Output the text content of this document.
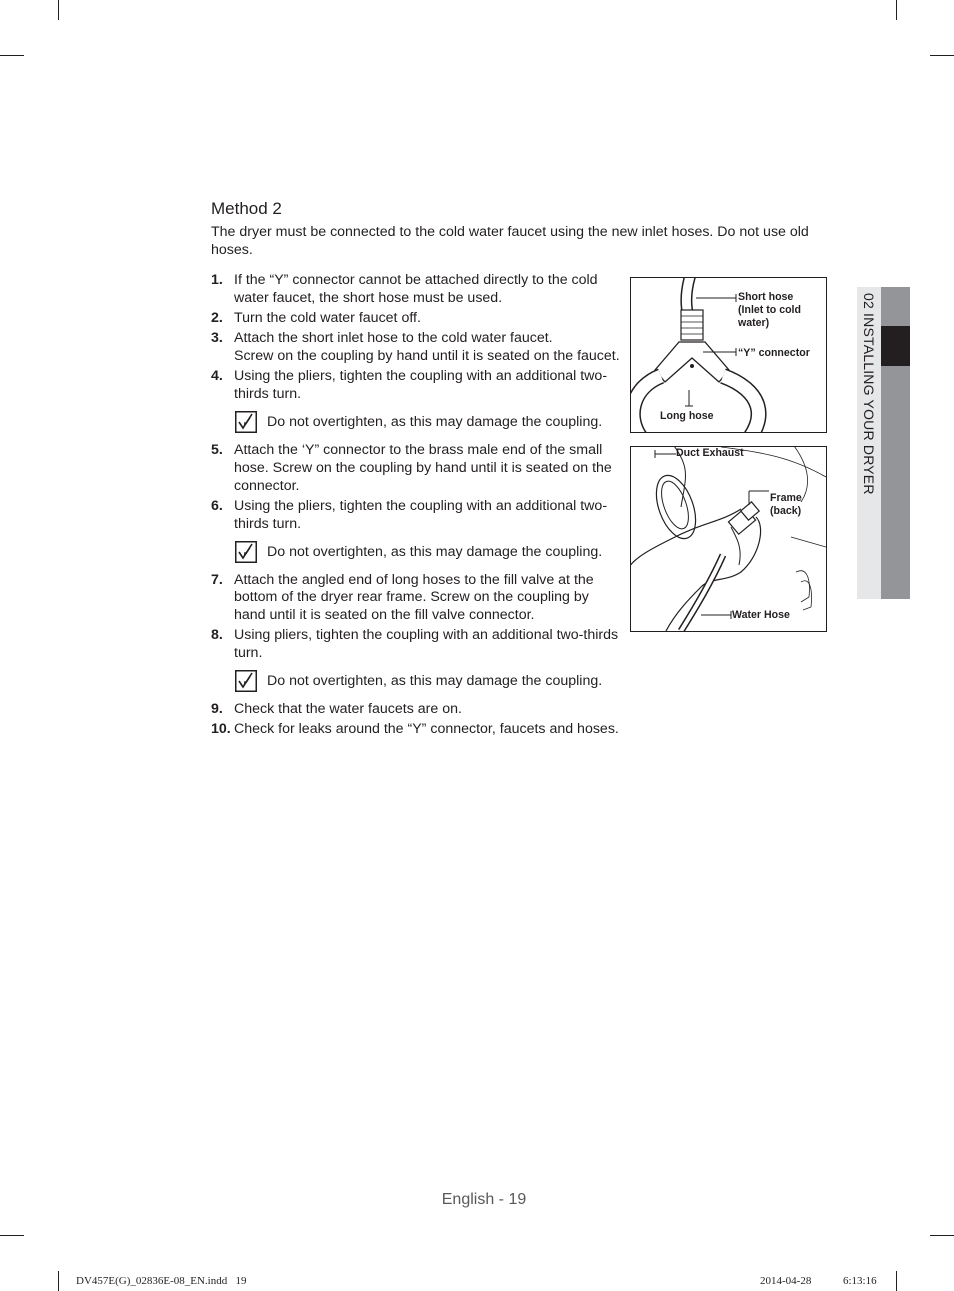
Method 2

The dryer must be connected to the cold water faucet using the new inlet hoses. Do not use old hoses.

1. If the “Y” connector cannot be attached directly to the cold water faucet, the short hose must be used.
2. Turn the cold water faucet off.
3. Attach the short inlet hose to the cold water faucet.
Screw on the coupling by hand until it is seated on the faucet.
4. Using the pliers, tighten the coupling with an additional two-thirds turn.
Do not overtighten, as this may damage the coupling.
5. Attach the ‘Y” connector to the brass male end of the small hose. Screw on the coupling by hand until it is seated on the connector.
6. Using the pliers, tighten the coupling with an additional two-thirds turn.
Do not overtighten, as this may damage the coupling.
7. Attach the angled end of long hoses to the fill valve at the bottom of the dryer rear frame. Screw on the coupling by hand until it is seated on the fill valve connector.
8. Using pliers, tighten the coupling with an additional two-thirds turn.
Do not overtighten, as this may damage the coupling.
9. Check that the water faucets are on.
10. Check for leaks around the “Y” connector, faucets and hoses.
Short hose
(Inlet to cold
water)
“Y” connector
Long hose
Duct Exhaust
Frame
(back)
Water Hose
02 INSTALLING YOUR DRYER
English - 19
DV457E(G)_02836E-08_EN.indd   19	2014-04-28	6:13:16
